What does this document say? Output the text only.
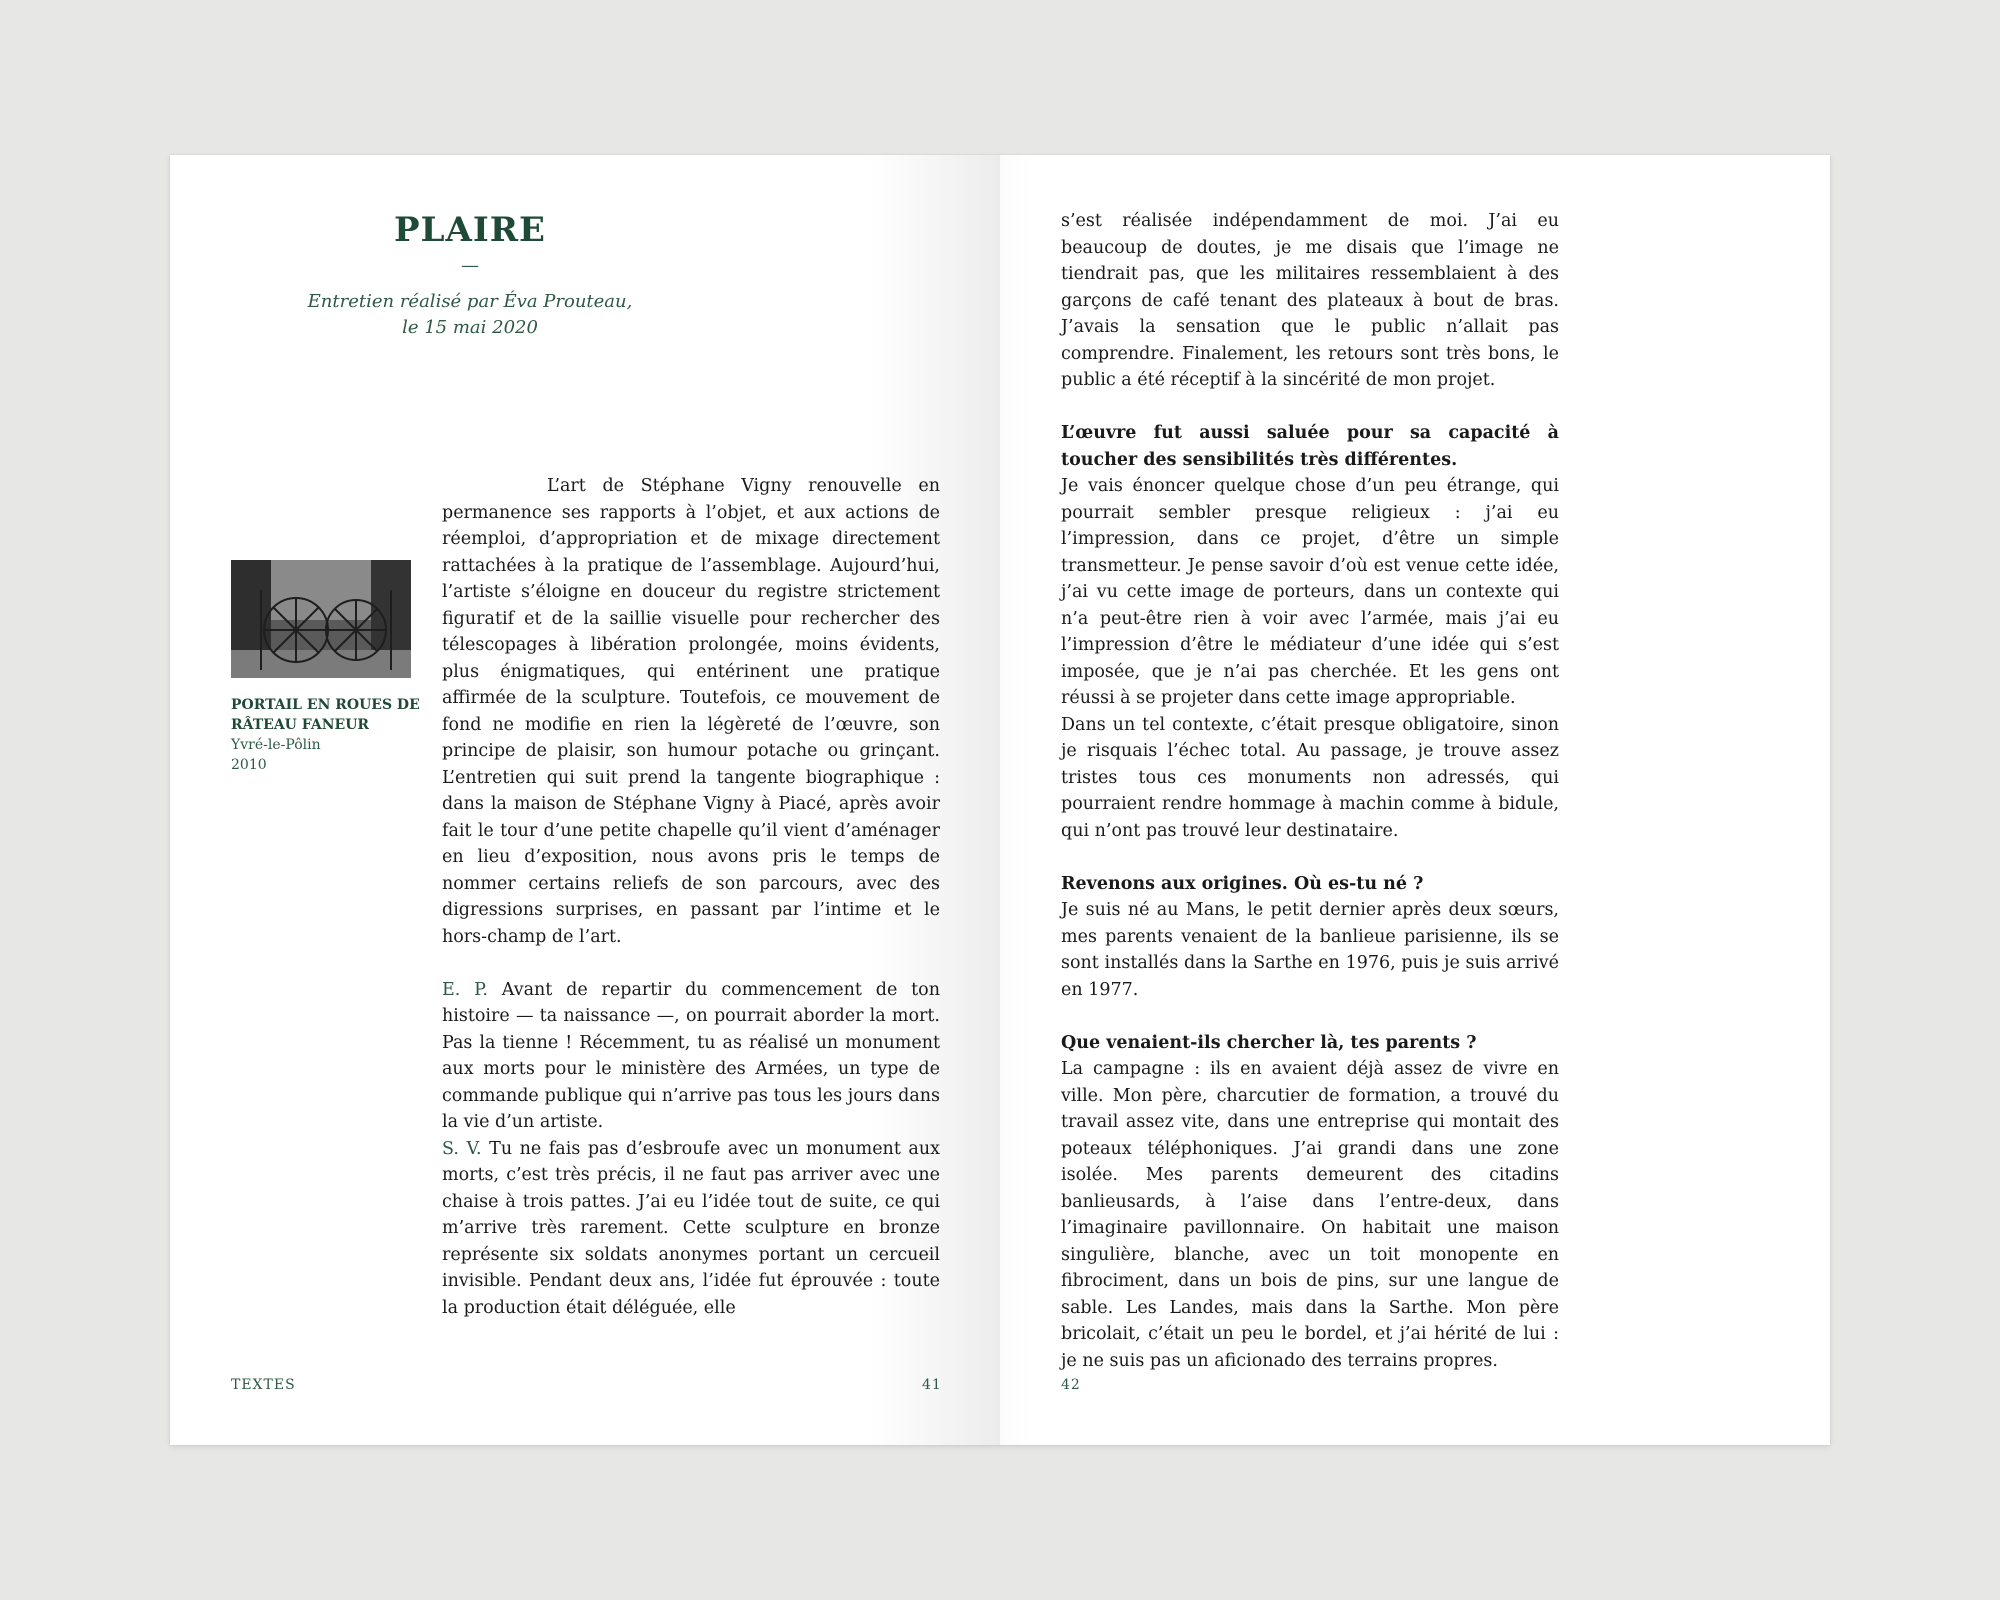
PLAIRE
—
Entretien réalisé par Éva Prouteau,
le 15 mai 2020
PORTAIL EN ROUES DE
RÂTEAU FANEUR
Yvré-le-Pôlin
2010

L’art de Stéphane Vigny renouvelle en permanence ses rapports à l’objet, et aux actions de réemploi, d’appropriation et de mixage directement rattachées à la pratique de l’assemblage. Aujourd’hui, l’artiste s’éloigne en douceur du registre strictement figuratif et de la saillie visuelle pour rechercher des télescopages à libération prolongée, moins évidents, plus énigmatiques, qui entérinent une pratique affirmée de la sculpture. Toutefois, ce mouvement de fond ne modifie en rien la légèreté de l’œuvre, son principe de plaisir, son humour potache ou grinçant. L’entretien qui suit prend la tangente biographique : dans la maison de Stéphane Vigny à Piacé, après avoir fait le tour d’une petite chapelle qu’il vient d’aménager en lieu d’exposition, nous avons pris le temps de nommer certains reliefs de son parcours, avec des digressions surprises, en passant par l’intime et le hors-champ de l’art.

E. P. Avant de repartir du commencement de ton histoire — ta naissance —, on pourrait aborder la mort. Pas la tienne ! Récemment, tu as réalisé un monument aux morts pour le ministère des Armées, un type de commande publique qui n’arrive pas tous les jours dans la vie d’un artiste.

S. V. Tu ne fais pas d’esbroufe avec un monument aux morts, c’est très précis, il ne faut pas arriver avec une chaise à trois pattes. J’ai eu l’idée tout de suite, ce qui m’arrive très rarement. Cette sculpture en bronze représente six soldats anonymes portant un cercueil invisible. Pendant deux ans, l’idée fut éprouvée : toute la production était déléguée, elle

TEXTES	41

s’est réalisée indépendamment de moi. J’ai eu beaucoup de doutes, je me disais que l’image ne tiendrait pas, que les militaires ressemblaient à des garçons de café tenant des plateaux à bout de bras. J’avais la sensation que le public n’allait pas comprendre. Finalement, les retours sont très bons, le public a été réceptif à la sincérité de mon projet.

L’œuvre fut aussi saluée pour sa capacité à toucher des sensibilités très différentes.

Je vais énoncer quelque chose d’un peu étrange, qui pourrait sembler presque religieux : j’ai eu l’impression, dans ce projet, d’être un simple transmetteur. Je pense savoir d’où est venue cette idée, j’ai vu cette image de porteurs, dans un contexte qui n’a peut-être rien à voir avec l’armée, mais j’ai eu l’impression d’être le médiateur d’une idée qui s’est imposée, que je n’ai pas cherchée. Et les gens ont réussi à se projeter dans cette image appropriable.

Dans un tel contexte, c’était presque obligatoire, sinon je risquais l’échec total. Au passage, je trouve assez tristes tous ces monuments non adressés, qui pourraient rendre hommage à machin comme à bidule, qui n’ont pas trouvé leur destinataire.

Revenons aux origines. Où es-tu né ?

Je suis né au Mans, le petit dernier après deux sœurs, mes parents venaient de la banlieue parisienne, ils se sont installés dans la Sarthe en 1976, puis je suis arrivé en 1977.

Que venaient-ils chercher là, tes parents ?

La campagne : ils en avaient déjà assez de vivre en ville. Mon père, charcutier de formation, a trouvé du travail assez vite, dans une entreprise qui montait des poteaux téléphoniques. J’ai grandi dans une zone isolée. Mes parents demeurent des citadins banlieusards, à l’aise dans l’entre-deux, dans l’imaginaire pavillonnaire. On habitait une maison singulière, blanche, avec un toit monopente en fibrociment, dans un bois de pins, sur une langue de sable. Les Landes, mais dans la Sarthe. Mon père bricolait, c’était un peu le bordel, et j’ai hérité de lui : je ne suis pas un aficionado des terrains propres.

42
